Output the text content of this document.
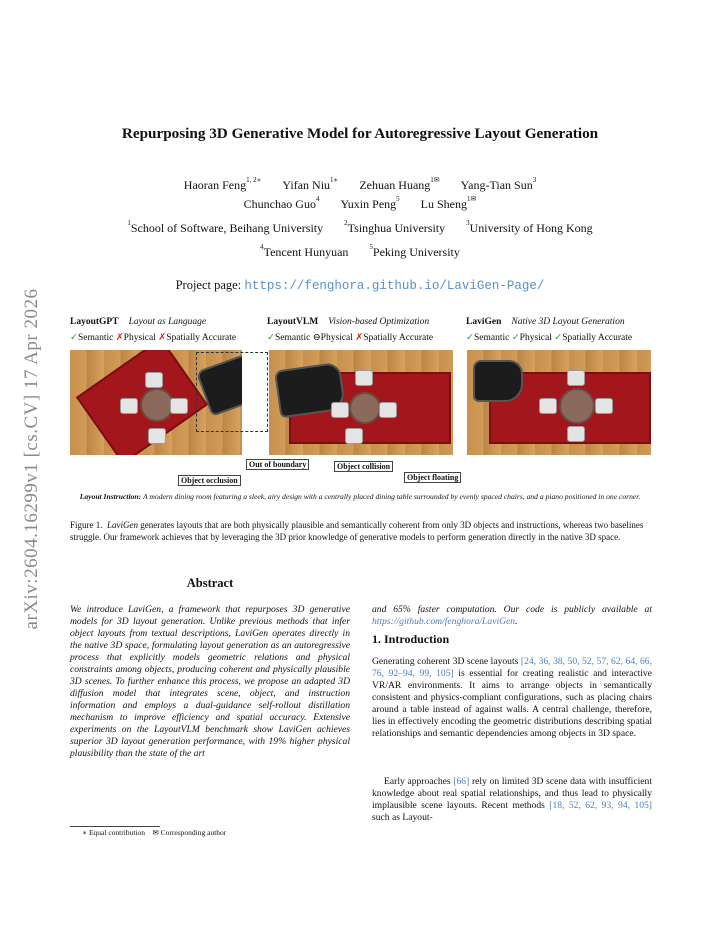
arXiv:2604.16299v1 [cs.CV] 17 Apr 2026
Repurposing 3D Generative Model for Autoregressive Layout Generation
Haoran Feng$^{1, 2∗}$ Yifan Niu$^{1∗}$ Zehuan Huang$^{1✉}$ Yang-Tian Sun$^3$
Chunchao Guo$^4$ Yuxin Peng$^5$ Lu Sheng$^{1✉}$
$^1$School of Software, Beihang University	$^2$Tsinghua University	$^3$University of Hong Kong
$^4$Tencent Hunyuan	$^5$Peking University
Project page: https://fenghora.github.io/LaviGen-Page/
LayoutGPT Layout as Language	LayoutVLM Vision-based Optimization	LaviGen Native 3D Layout Generation
✓Semantic ✗Physical ✗Spatially Accurate	✓Semantic ⊖Physical ✗Spatially Accurate	✓Semantic ✓Physical ✓Spatially Accurate
Object occlusion
Out of boundary	Object collision
Object floating
Layout Instruction: A modern dining room featuring a sleek, airy design with a centrally placed dining table surrounded by evenly spaced chairs, and a piano positioned in one corner.
Figure 1. LaviGen generates layouts that are both physically plausible and semantically coherent from only 3D objects and instructions, whereas two baselines struggle. Our framework achieves that by leveraging the 3D prior knowledge of generative models to perform generation directly in the native 3D space.
Abstract
We introduce LaviGen, a framework that repurposes 3D generative models for 3D layout generation. Unlike previous methods that infer object layouts from textual descriptions, LaviGen operates directly in the native 3D space, formulating layout generation as an autoregressive process that explicitly models geometric relations and physical constraints among objects, producing coherent and physically plausible 3D scenes. To further enhance this process, we propose an adapted 3D diffusion model that integrates scene, object, and instruction information and employs a dual-guidance self-rollout distillation mechanism to improve efficiency and spatial accuracy. Extensive experiments on the LayoutVLM benchmark show LaviGen achieves superior 3D layout generation performance, with 19% higher physical plausibility than the state of the art
and 65% faster computation. Our code is publicly available at https://github.com/fenghora/LaviGen.
1. Introduction
Generating coherent 3D scene layouts [24, 36, 38, 50, 52, 57, 62, 64, 66, 76, 92–94, 99, 105] is essential for creating realistic and interactive VR/AR environments. It aims to arrange objects in semantically consistent and physics-compliant configurations, such as placing chairs around a table instead of against walls. A central challenge, therefore, lies in effectively encoding the geometric distributions describing spatial relationships and semantic dependencies among objects in 3D space.
Early approaches [66] rely on limited 3D scene data with insufficient knowledge about real spatial relationships, and thus lead to physically implausible scene layouts. Recent methods [18, 52, 62, 93, 94, 105] such as Layout-
∗ Equal contribution ✉ Corresponding author
